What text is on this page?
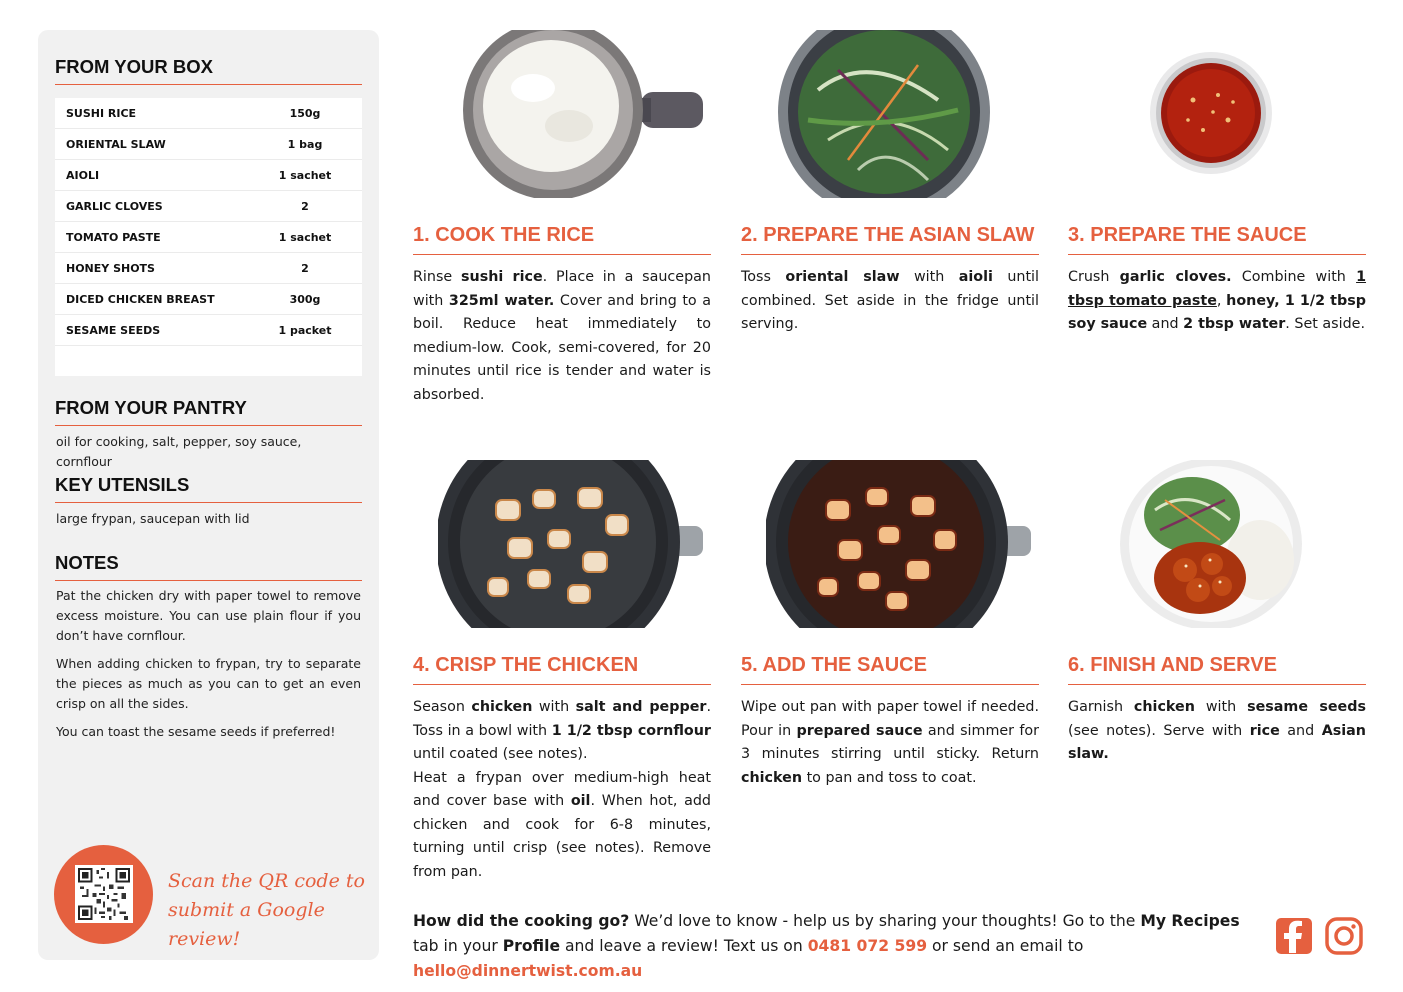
FROM YOUR BOX
SUSHI RICE	150g
ORIENTAL SLAW	1 bag
AIOLI	1 sachet
GARLIC CLOVES	2
TOMATO PASTE	1 sachet
HONEY SHOTS	2
DICED CHICKEN BREAST	300g
SESAME SEEDS	1 packet
FROM YOUR PANTRY
oil for cooking, salt, pepper, soy sauce, cornflour
KEY UTENSILS
large frypan, saucepan with lid
NOTES

Pat the chicken dry with paper towel to remove excess moisture. You can use plain flour if you don’t have cornflour.

When adding chicken to frypan, try to separate the pieces as much as you can to get an even crisp on all the sides.

You can toast the sesame seeds if preferred!

Scan the QR code to
submit a Google review!
1. COOK THE RICE
Rinse sushi rice. Place in a saucepan with 325ml water. Cover and bring to a boil. Reduce heat immediately to medium-low. Cook, semi-covered, for 20 minutes until rice is tender and water is absorbed.
2. PREPARE THE ASIAN SLAW
Toss oriental slaw with aioli until combined. Set aside in the fridge until serving.
3. PREPARE THE SAUCE
Crush garlic cloves. Combine with 1 tbsp tomato paste, honey, 1 1/2 tbsp soy sauce and 2 tbsp water. Set aside.
4. CRISP THE CHICKEN
Season chicken with salt and pepper. Toss in a bowl with 1 1/2 tbsp cornflour until coated (see notes).
Heat a frypan over medium-high heat and cover base with oil. When hot, add chicken and cook for 6-8 minutes, turning until crisp (see notes). Remove from pan.
5. ADD THE SAUCE
Wipe out pan with paper towel if needed. Pour in prepared sauce and simmer for 3 minutes stirring until sticky. Return chicken to pan and toss to coat.
6. FINISH AND SERVE
Garnish chicken with sesame seeds (see notes). Serve with rice and Asian slaw.
How did the cooking go? We’d love to know - help us by sharing your thoughts! Go to the My Recipes tab in your Profile and leave a review! Text us on 0481 072 599 or send an email to hello@dinnertwist.com.au
